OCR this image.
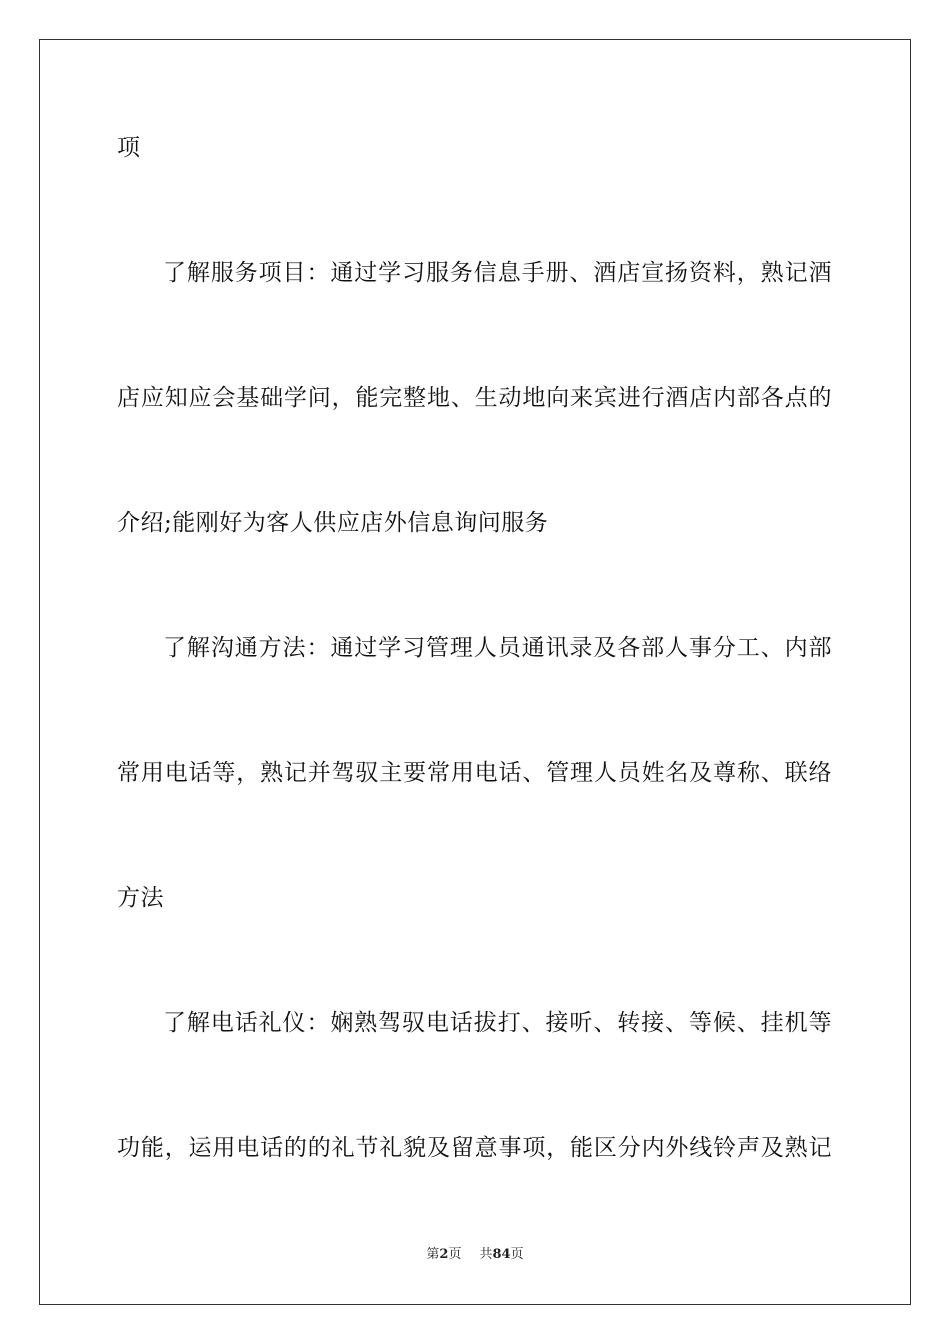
项
了解服务项目：通过学习服务信息手册、酒店宣扬资料，熟记酒
店应知应会基础学问，能完整地、生动地向来宾进行酒店内部各点的
介绍;能刚好为客人供应店外信息询问服务
了解沟通方法：通过学习管理人员通讯录及各部人事分工、内部
常用电话等，熟记并驾驭主要常用电话、管理人员姓名及尊称、联络
方法
了解电话礼仪：娴熟驾驭电话拔打、接听、转接、等候、挂机等
功能，运用电话的的礼节礼貌及留意事项，能区分内外线铃声及熟记
第2页 共84页
